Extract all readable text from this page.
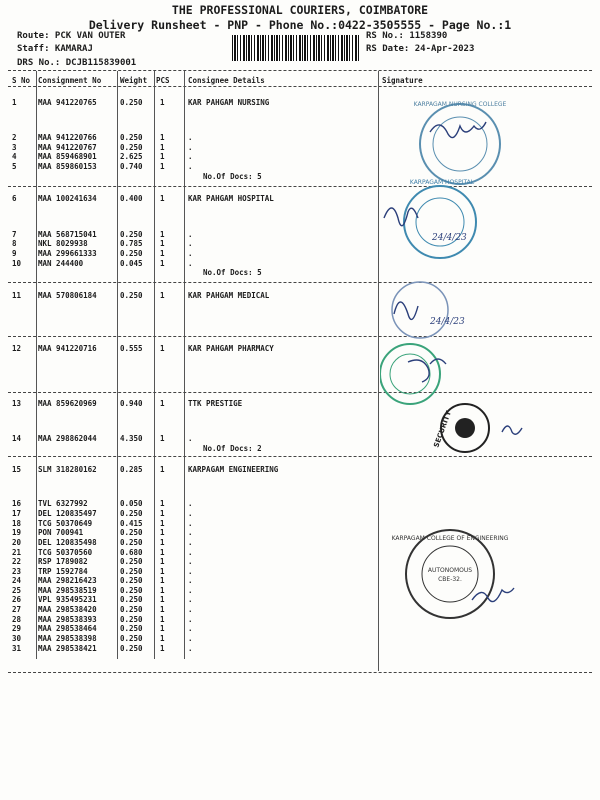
THE PROFESSIONAL COURIERS, COIMBATORE
Delivery Runsheet - PNP - Phone No.:0422-3505555 - Page No.:1
Route: PCK VAN OUTER
Staff: KAMARAJ
DRS No.: DCJB115839001
RS No.: 1158390
RS Date: 24-Apr-2023
S No Consignment No	Weight PCS Consignee Details	Signature
No.Of Docs: 5
No.Of Docs: 5
No.Of Docs: 2
1	MAA 941220765	0.250 1	KAR PAHGAM NURSING
2	MAA 941220766	0.250 1	.
3	MAA 941220767	0.250 1	.
4	MAA 859468901	2.625 1	.
5	MAA 859860153	0.740 1	.
6	MAA 100241634	0.400 1	KAR PAHGAM HOSPITAL
7	MAA 568715041	0.250 1	.
8	NKL 8029938	0.785 1	.
9	MAA 299661333	0.250 1	.
10 MAN 244400	0.045 1	.
11 MAA 570806184	0.250 1	KAR PAHGAM MEDICAL
12 MAA 941220716	0.555 1	KAR PAHGAM PHARMACY
13 MAA 859620969	0.940 1	TTK PRESTIGE
14 MAA 298862044	4.350 1	.
15 SLM 318280162	0.285 1	KARPAGAM ENGINEERING
16 TVL 6327992	0.050 1	.
17 DEL 120835497	0.250 1	.
18 TCG 50370649	0.415 1	.
19 PON 700941	0.250 1	.
20 DEL 120835498	0.250 1	.
21 TCG 50370560	0.680 1	.
22 RSP 1789082	0.250 1	.
23 TRP 1592784	0.250 1	.
24 MAA 298216423	0.250 1	.
25 MAA 298538519	0.250 1	.
26 VPL 935495231	0.250 1	.
27 MAA 298538420	0.250 1	.
28 MAA 298538393	0.250 1	.
29 MAA 298538464	0.250 1	.
30 MAA 298538398	0.250 1	.
31 MAA 298538421	0.250 1	.
KARPAGAM NURSING COLLEGE
KARPAGAM HOSPITAL
24/4/23
24/4/23
SECURITY
KARPAGAM COLLEGE OF ENGINEERING
AUTONOMOUS
CBE-32.
